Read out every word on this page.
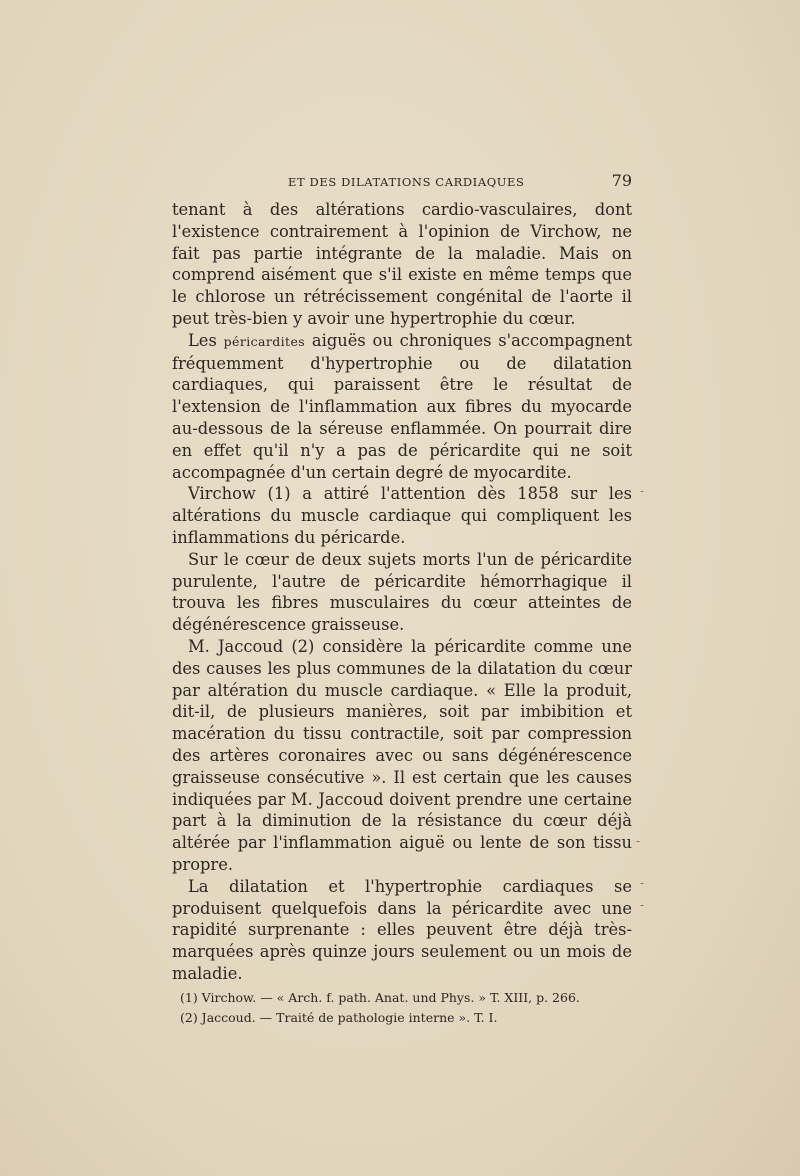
ET DES DILATATIONS CARDIAQUES	79

tenant à des altérations cardio-vasculaires, dont l'existence contrairement à l'opinion de Virchow, ne fait pas partie intégrante de la maladie. Mais on comprend aisément que s'il existe en même temps que le chlorose un rétrécissement congénital de l'aorte il peut très-bien y avoir une hypertrophie du cœur.

Les péricardites aiguës ou chroniques s'accompagnent fréquemment d'hypertrophie ou de dilatation cardiaques, qui paraissent être le résultat de l'extension de l'inflammation aux fibres du myocarde au-dessous de la séreuse enflammée. On pourrait dire en effet qu'il n'y a pas de péricardite qui ne soit accompagnée d'un certain degré de myocardite.

Virchow (1) a attiré l'attention dès 1858 sur les altérations du muscle cardiaque qui compliquent les inflammations du péricarde.

Sur le cœur de deux sujets morts l'un de péricardite purulente, l'autre de péricardite hémorrhagique il trouva les fibres musculaires du cœur atteintes de dégénérescence graisseuse.

M. Jaccoud (2) considère la péricardite comme une des causes les plus communes de la dilatation du cœur par altération du muscle cardiaque. « Elle la produit, dit-il, de plusieurs manières, soit par imbibition et macération du tissu contractile, soit par compression des artères coronaires avec ou sans dégénérescence graisseuse consécutive ». Il est certain que les causes indiquées par M. Jaccoud doivent prendre une certaine part à la diminution de la résistance du cœur déjà altérée par l'inflammation aiguë ou lente de son tissu propre.

La dilatation et l'hypertrophie cardiaques se produisent quelquefois dans la péricardite avec une rapidité surprenante : elles peuvent être déjà très-marquées après quinze jours seulement ou un mois de maladie.

(1) Virchow. — « Arch. f. path. Anat. und Phys. » T. XIII, p. 266.

(2) Jaccoud. — Traité de pathologie interne ». T. I.

-
-
-
-
